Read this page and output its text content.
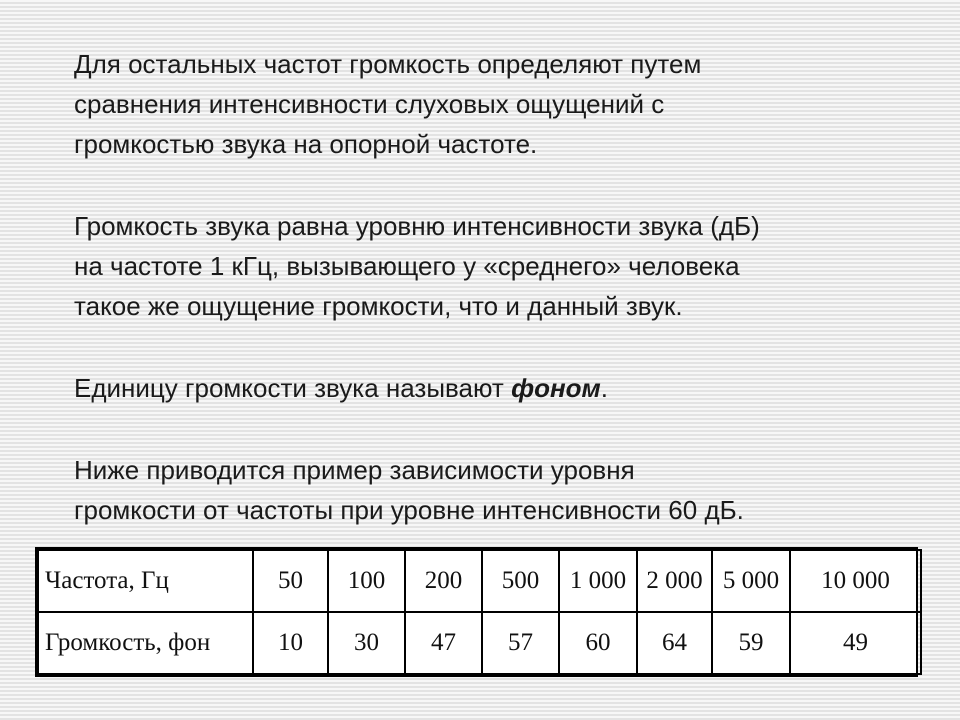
Для остальных частот громкость определяют путем
сравнения интенсивности слуховых ощущений с
громкостью звука на опорной частоте.

Громкость звука равна уровню интенсивности звука (дБ)
на частоте 1 кГц, вызывающего у «среднего» человека
такое же ощущение громкости, что и данный звук.

Единицу громкости звука называют фоном.

Ниже приводится пример зависимости уровня
громкости от частоты при уровне интенсивности 60 дБ.

Частота, Гц	50	100	200	500	1 000	2 000	5 000	10 000
Громкость, фон	10	30	47	57	60	64	59	49
